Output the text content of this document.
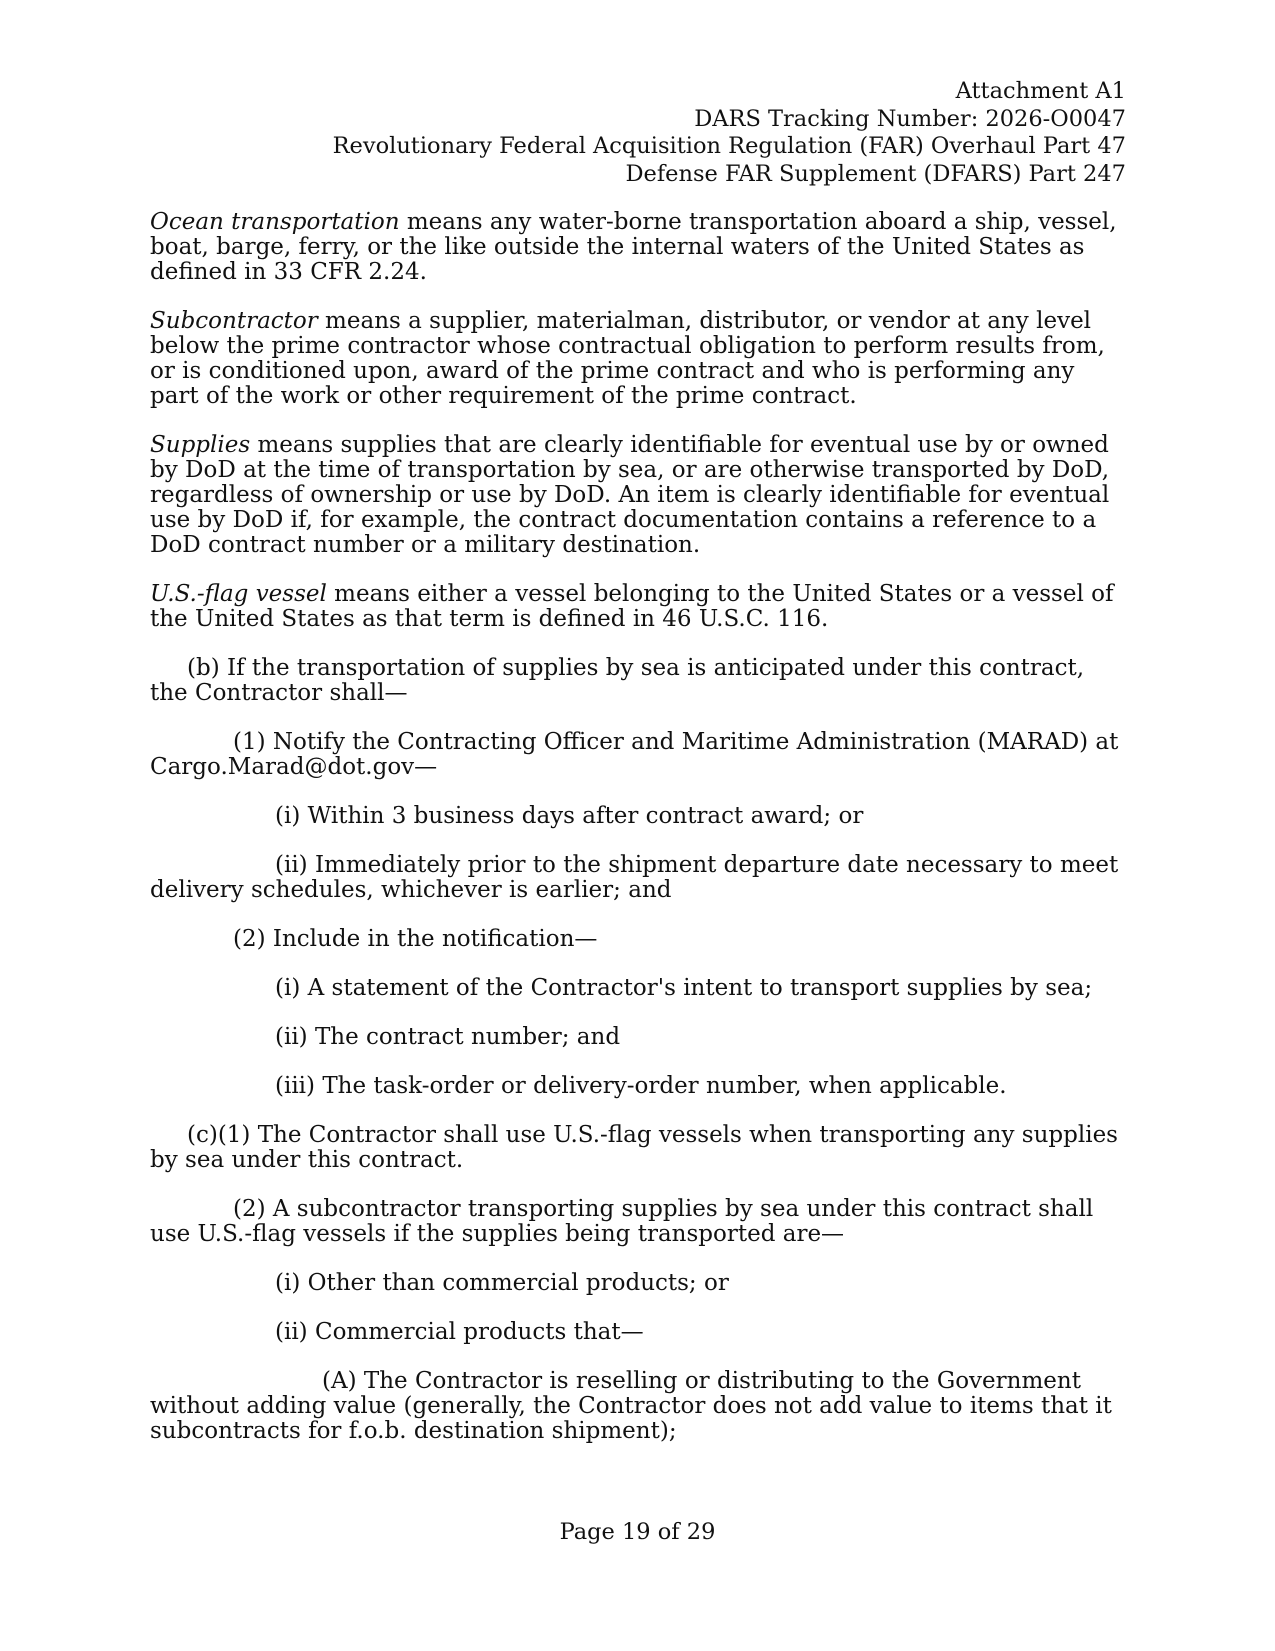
Attachment A1
DARS Tracking Number: 2026-O0047
Revolutionary Federal Acquisition Regulation (FAR) Overhaul Part 47
Defense FAR Supplement (DFARS) Part 247

Ocean transportation means any water-borne transportation aboard a ship, vessel, boat, barge, ferry, or the like outside the internal waters of the United States as defined in 33 CFR 2.24.

Subcontractor means a supplier, materialman, distributor, or vendor at any level below the prime contractor whose contractual obligation to perform results from, or is conditioned upon, award of the prime contract and who is performing any part of the work or other requirement of the prime contract.

Supplies means supplies that are clearly identifiable for eventual use by or owned by DoD at the time of transportation by sea, or are otherwise transported by DoD, regardless of ownership or use by DoD. An item is clearly identifiable for eventual use by DoD if, for example, the contract documentation contains a reference to a DoD contract number or a military destination.

U.S.-flag vessel means either a vessel belonging to the United States or a vessel of the United States as that term is defined in 46 U.S.C. 116.

(b) If the transportation of supplies by sea is anticipated under this contract, the Contractor shall—

(1) Notify the Contracting Officer and Maritime Administration (MARAD) at Cargo.Marad@dot.gov—

(i) Within 3 business days after contract award; or

(ii) Immediately prior to the shipment departure date necessary to meet delivery schedules, whichever is earlier; and

(2) Include in the notification—

(i) A statement of the Contractor's intent to transport supplies by sea;

(ii) The contract number; and

(iii) The task-order or delivery-order number, when applicable.

(c)(1) The Contractor shall use U.S.-flag vessels when transporting any supplies by sea under this contract.

(2) A subcontractor transporting supplies by sea under this contract shall use U.S.-flag vessels if the supplies being transported are—

(i) Other than commercial products; or

(ii) Commercial products that—

(A) The Contractor is reselling or distributing to the Government without adding value (generally, the Contractor does not add value to items that it subcontracts for f.o.b. destination shipment);

Page 19 of 29
